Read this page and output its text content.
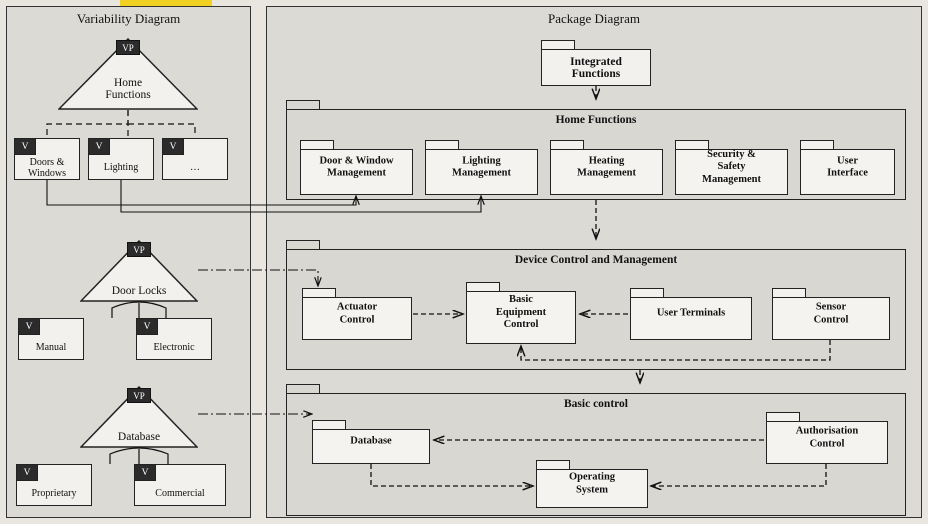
Variability Diagram
VP
Home
Functions
V
Doors &
Windows
V
Lighting
V
…
VP
Door Locks
V
Manual
V
Electronic
VP
Database
V
Proprietary
V
Commercial
Package Diagram
Integrated
Functions
Home Functions
Door & Window
Management
Lighting
Management
Heating
Management
Security &
Safety
Management
User
Interface
Device Control and Management
Actuator
Control
Basic
Equipment
Control
User Terminals
Sensor
Control
Basic control
Database
Authorisation
Control
Operating
System
